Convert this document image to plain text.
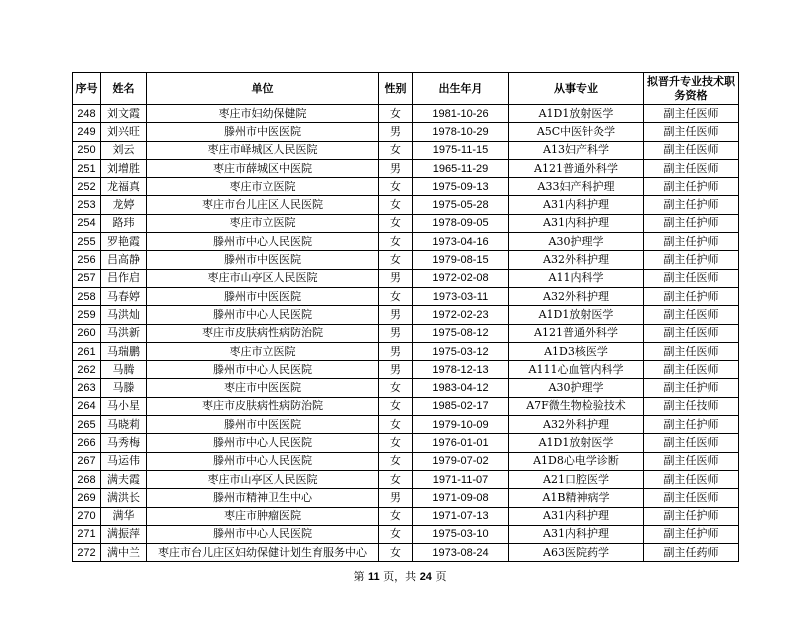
序号	姓名	单位	性别	出生年月	从事专业	拟晋升专业技术职务资格
248	刘文霞	枣庄市妇幼保健院	女	1981-10-26	A1D1放射医学	副主任医师
249	刘兴旺	滕州市中医医院	男	1978-10-29	A5C中医针灸学	副主任医师
250	刘云	枣庄市峄城区人民医院	女	1975-11-15	A13妇产科学	副主任医师
251	刘增胜	枣庄市薛城区中医院	男	1965-11-29	A121普通外科学	副主任医师
252	龙福真	枣庄市立医院	女	1975-09-13	A33妇产科护理	副主任护师
253	龙婷	枣庄市台儿庄区人民医院	女	1975-05-28	A31内科护理	副主任护师
254	路玮	枣庄市立医院	女	1978-09-05	A31内科护理	副主任护师
255	罗艳霞	滕州市中心人民医院	女	1973-04-16	A30护理学	副主任护师
256	吕高静	滕州市中医医院	女	1979-08-15	A32外科护理	副主任护师
257	吕作启	枣庄市山亭区人民医院	男	1972-02-08	A11内科学	副主任医师
258	马春婷	滕州市中医医院	女	1973-03-11	A32外科护理	副主任护师
259	马洪灿	滕州市中心人民医院	男	1972-02-23	A1D1放射医学	副主任医师
260	马洪新	枣庄市皮肤病性病防治院	男	1975-08-12	A121普通外科学	副主任医师
261	马瑞鹏	枣庄市立医院	男	1975-03-12	A1D3核医学	副主任医师
262	马腾	滕州市中心人民医院	男	1978-12-13	A111心血管内科学	副主任医师
263	马滕	枣庄市中医医院	女	1983-04-12	A30护理学	副主任护师
264	马小星	枣庄市皮肤病性病防治院	女	1985-02-17	A7F微生物检验技术	副主任技师
265	马晓莉	滕州市中医医院	女	1979-10-09	A32外科护理	副主任护师
266	马秀梅	滕州市中心人民医院	女	1976-01-01	A1D1放射医学	副主任医师
267	马运伟	滕州市中心人民医院	女	1979-07-02	A1D8心电学诊断	副主任医师
268	满夫霞	枣庄市山亭区人民医院	女	1971-11-07	A21口腔医学	副主任医师
269	满洪长	滕州市精神卫生中心	男	1971-09-08	A1B精神病学	副主任医师
270	满华	枣庄市肿瘤医院	女	1971-07-13	A31内科护理	副主任护师
271	满振萍	滕州市中心人民医院	女	1975-03-10	A31内科护理	副主任护师
272	满中兰	枣庄市台儿庄区妇幼保健计划生育服务中心	女	1973-08-24	A63医院药学	副主任药师
第 11 页，共 24 页
